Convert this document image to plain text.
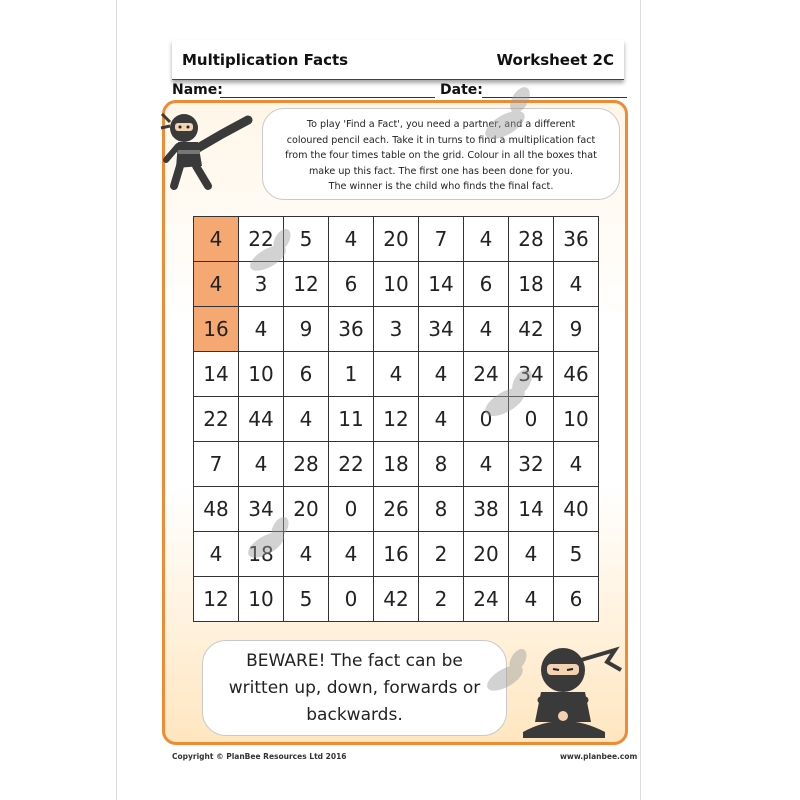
Multiplication Facts	Worksheet 2C
Name:	Date:
To play 'Find a Fact', you need a partner, and a different
coloured pencil each. Take it in turns to find a multiplication fact
from the four times table on the grid. Colour in all the boxes that
make up this fact. The first one has been done for you.
The winner is the child who finds the final fact.
4	22	5	4	20	7	4	28	36
4	3	12	6	10	14	6	18	4
16	4	9	36	3	34	4	42	9
14	10	6	1	4	4	24	34	46
22	44	4	11	12	4	0	0	10
7	4	28	22	18	8	4	32	4
48	34	20	0	26	8	38	14	40
4	18	4	4	16	2	20	4	5
12	10	5	0	42	2	24	4	6
BEWARE! The fact can be
written up, down, forwards or
backwards.
Copyright © PlanBee Resources Ltd 2016	www.planbee.com
